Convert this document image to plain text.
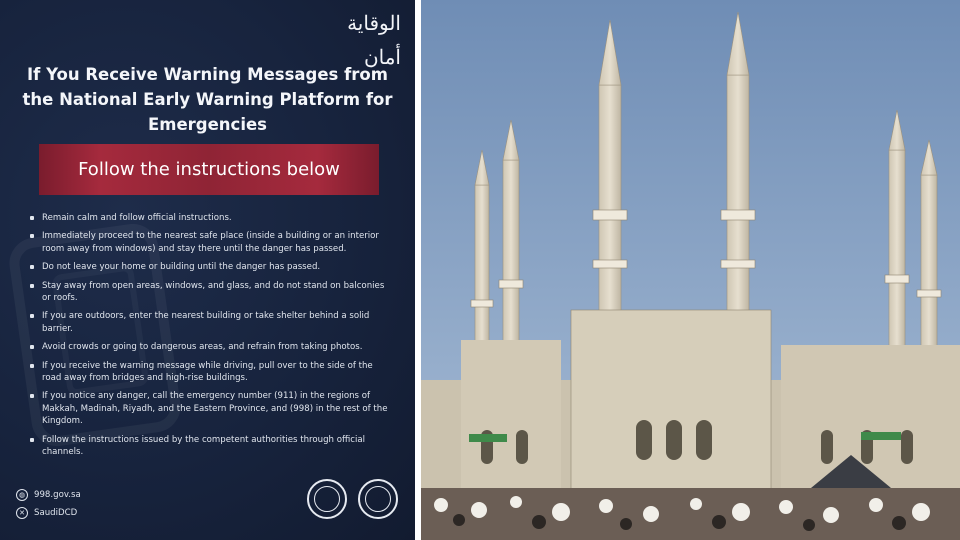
الوقاية أمان
If You Receive Warning Messages from the National Early Warning Platform for Emergencies
Follow the instructions below
Remain calm and follow official instructions.
Immediately proceed to the nearest safe place (inside a building or an interior room away from windows) and stay there until the danger has passed.
Do not leave your home or building until the danger has passed.
Stay away from open areas, windows, and glass, and do not stand on balconies or roofs.
If you are outdoors, enter the nearest building or take shelter behind a solid barrier.
Avoid crowds or going to dangerous areas, and refrain from taking photos.
If you receive the warning message while driving, pull over to the side of the road away from bridges and high-rise buildings.
If you notice any danger, call the emergency number (911) in the regions of Makkah, Madinah, Riyadh, and the Eastern Province, and (998) in the rest of the Kingdom.
Follow the instructions issued by the competent authorities through official channels.
◍	998.gov.sa
✕	SaudiDCD
